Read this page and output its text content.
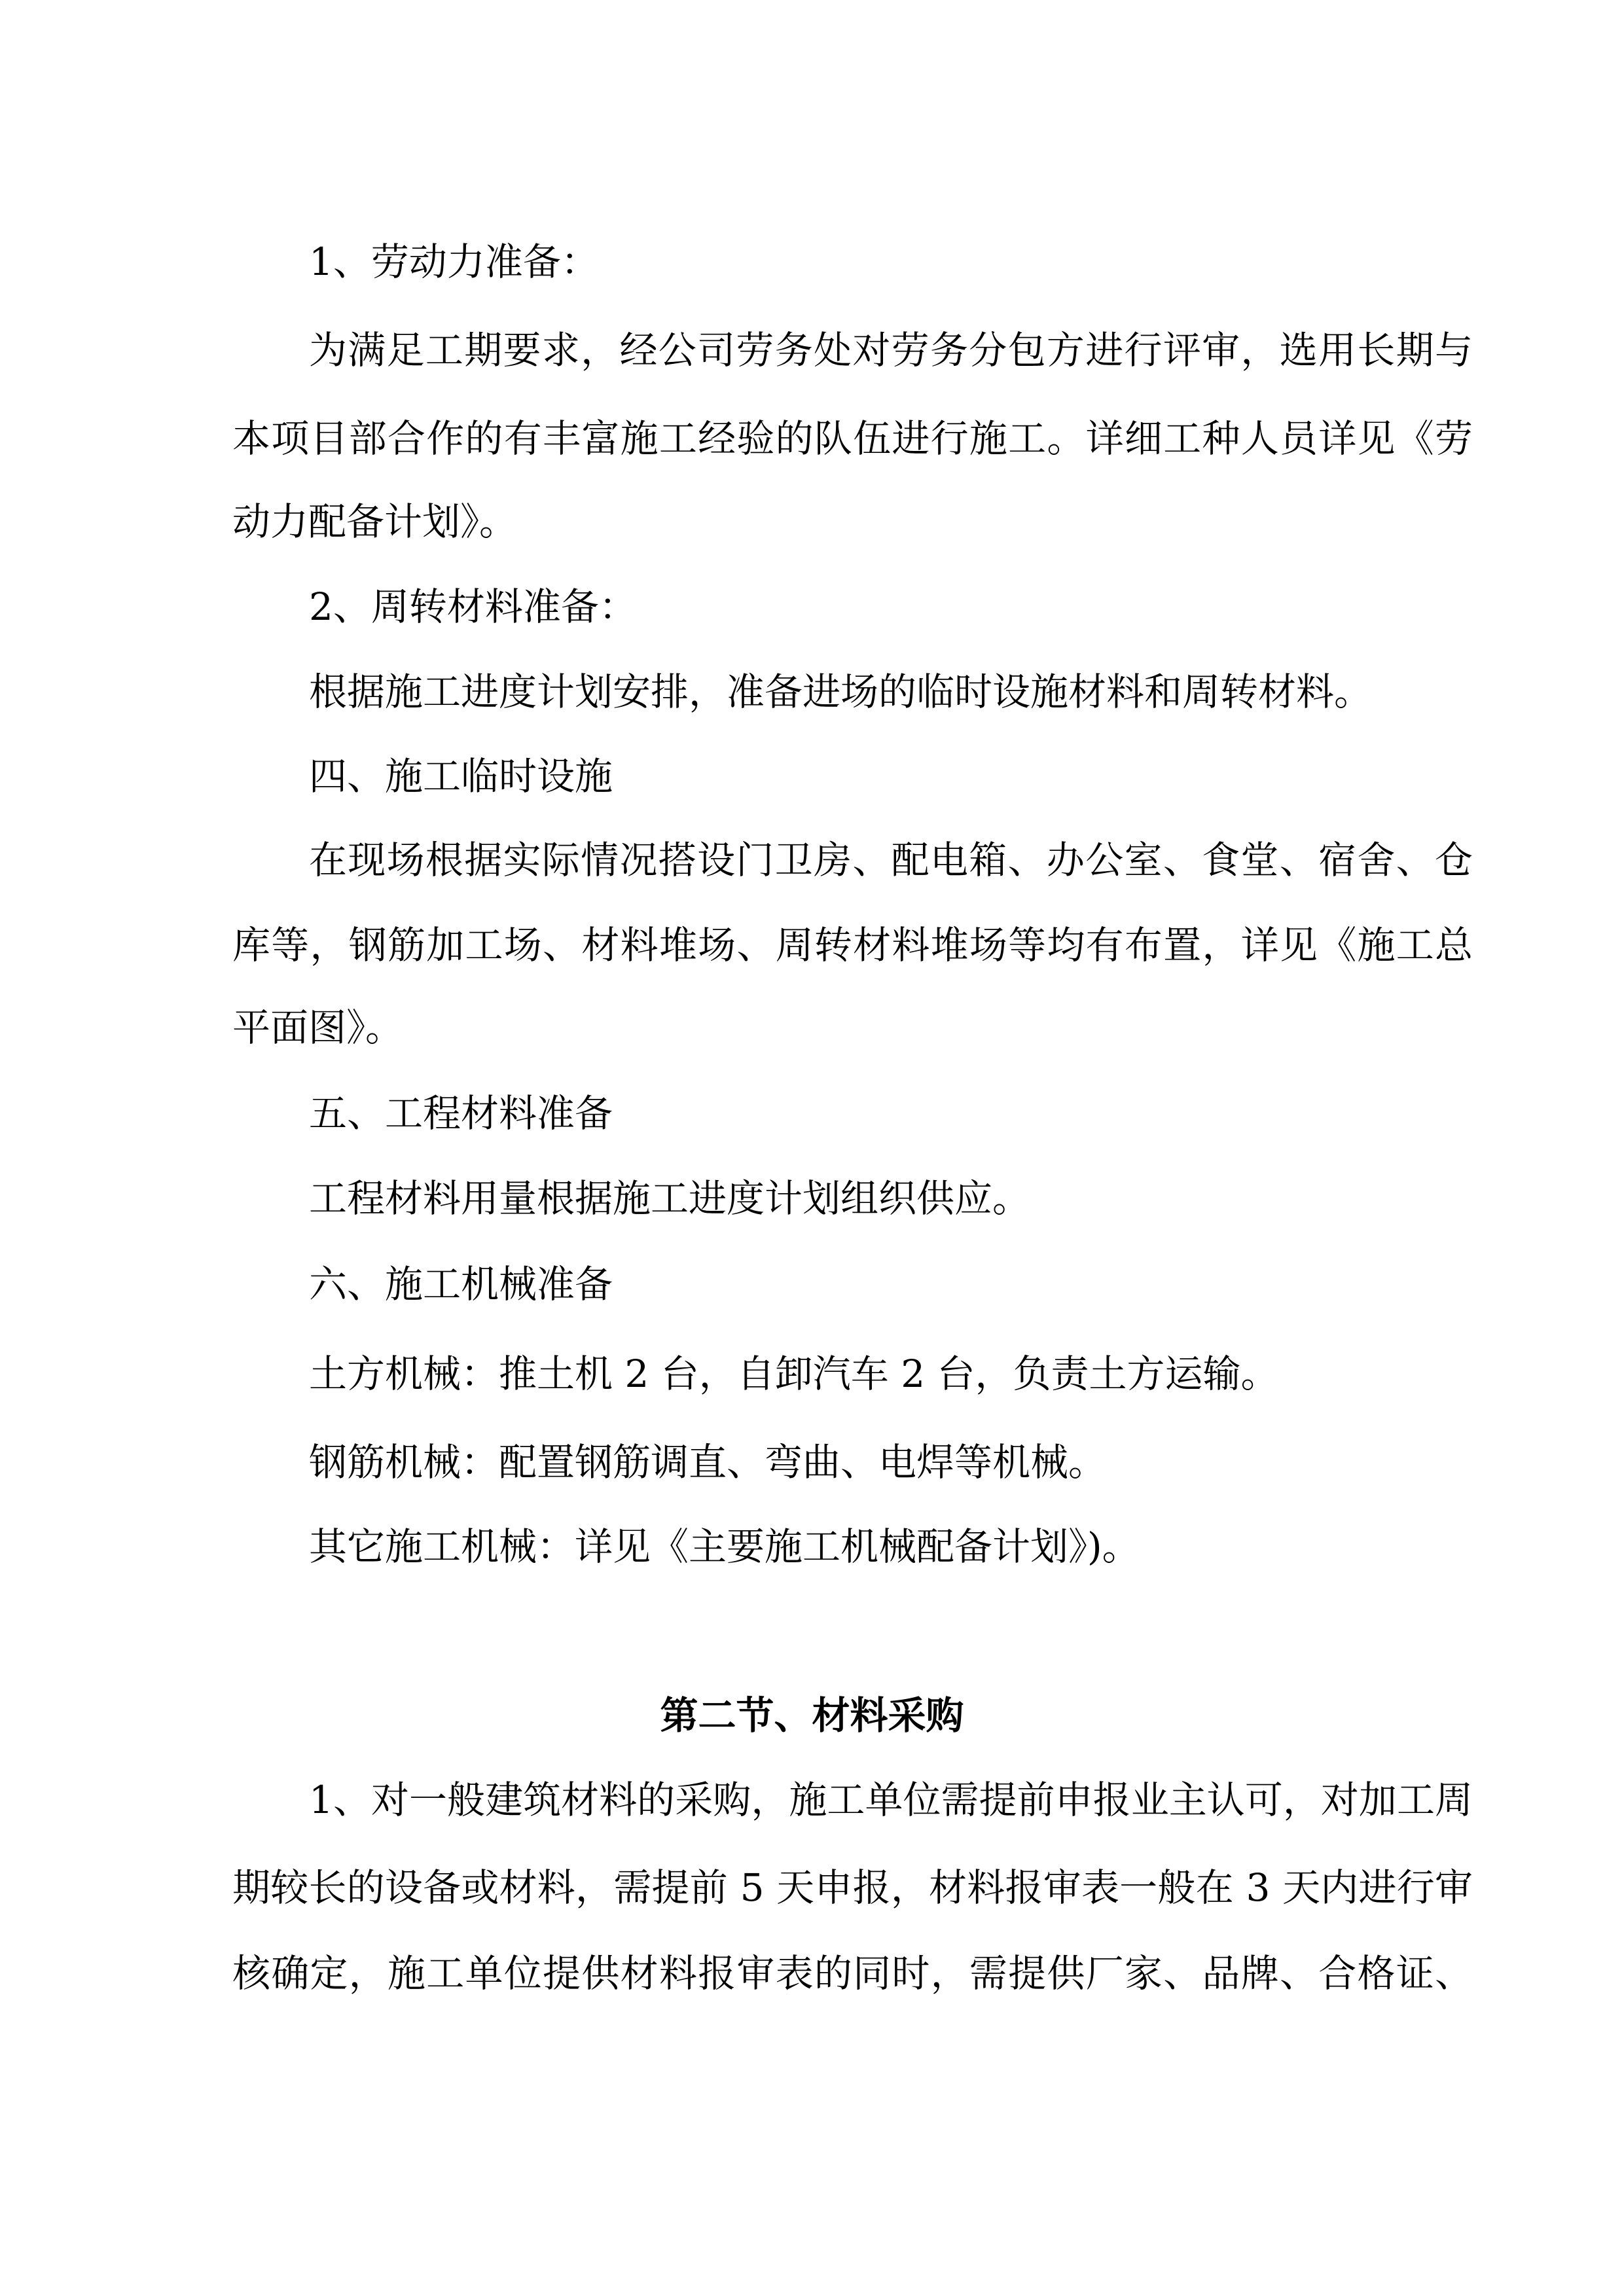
1、劳动力准备：
为满足工期要求，经公司劳务处对劳务分包方进行评审，选用长期与
本项目部合作的有丰富施工经验的队伍进行施工。详细工种人员详见《劳
动力配备计划》。
2、周转材料准备：
根据施工进度计划安排，准备进场的临时设施材料和周转材料。
四、施工临时设施
在现场根据实际情况搭设门卫房、配电箱、办公室、食堂、宿舍、仓
库等，钢筋加工场、材料堆场、周转材料堆场等均有布置，详见《施工总
平面图》。
五、工程材料准备
工程材料用量根据施工进度计划组织供应。
六、施工机械准备
土方机械：推土机 2 台，自卸汽车 2 台，负责土方运输。
钢筋机械：配置钢筋调直、弯曲、电焊等机械。
其它施工机械：详见《主要施工机械配备计划》)。
第二节、材料采购
1、对一般建筑材料的采购，施工单位需提前申报业主认可，对加工周
期较长的设备或材料，需提前 5 天申报，材料报审表一般在 3 天内进行审
核确定，施工单位提供材料报审表的同时，需提供厂家、品牌、合格证、
